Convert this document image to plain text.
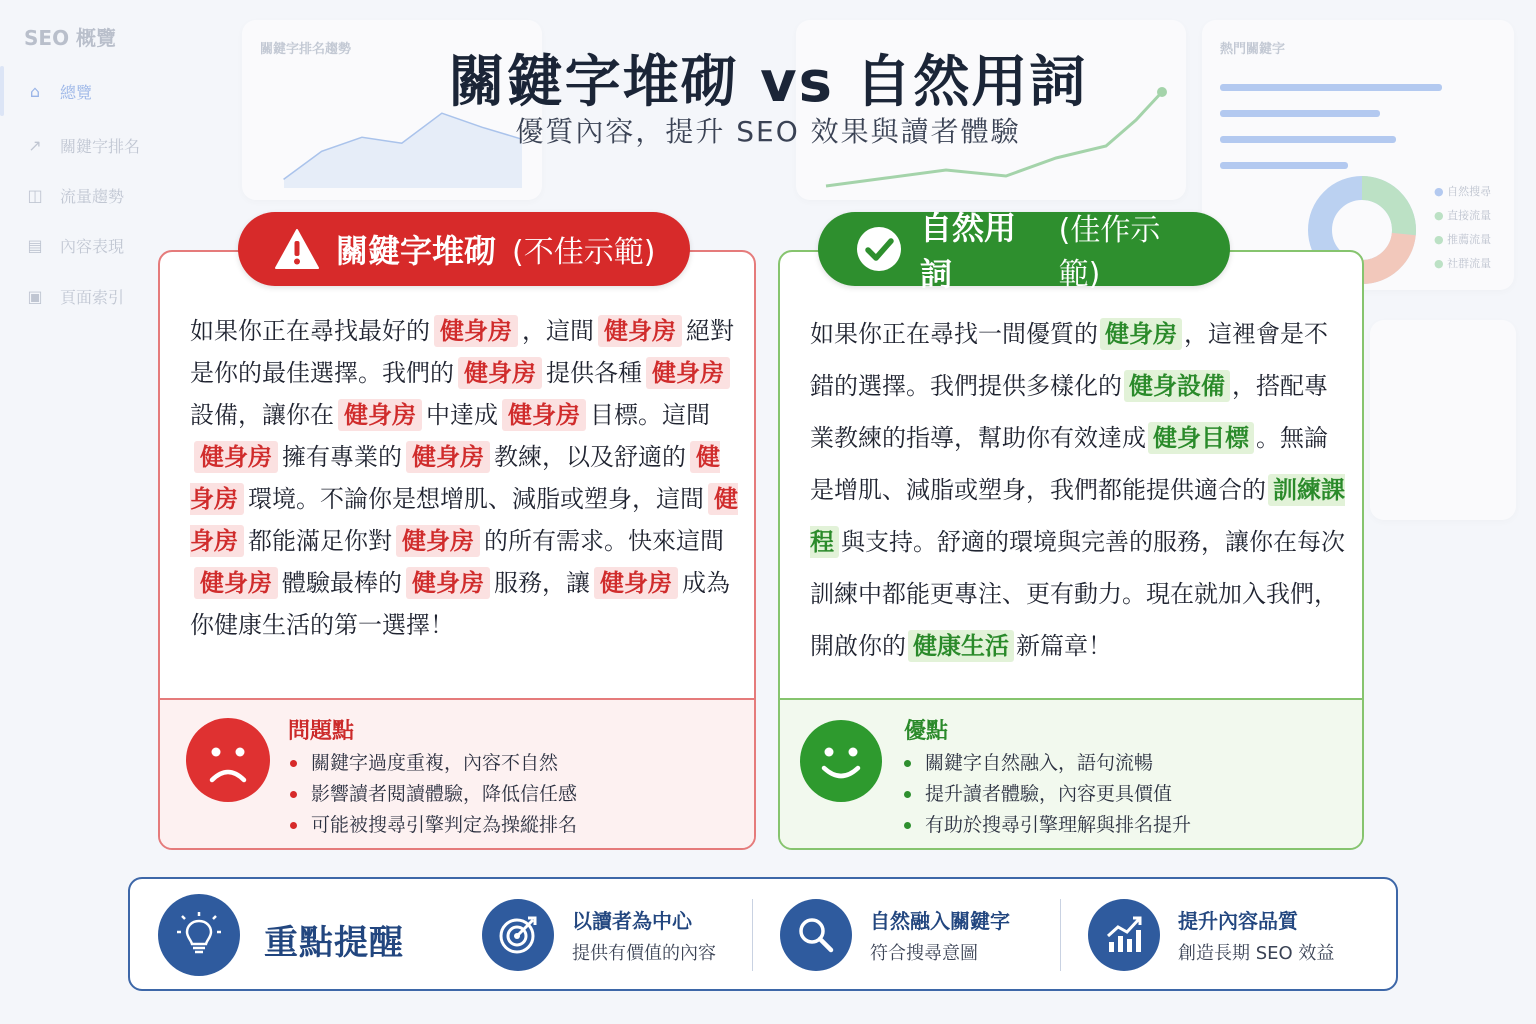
SEO 概覽
⌂	總覽
↗ 關鍵字排名
◫ 流量趨勢
▤ 內容表現
▣ 頁面索引
關鍵字排名趨勢	熱門關鍵字
● 自然搜尋
● 直接流量
● 推薦流量
● 社群流量
關鍵字堆砌 vs 自然用詞
優質內容，提升 SEO 效果與讀者體驗
如果你正在尋找最好的 健身房 ，這間 健身房 絕對是你的最佳選擇。我們的 健身房 提供各種 健身房設備，讓你在 健身房 中達成 健身房 目標。這間健身房 擁有專業的 健身房 教練，以及舒適的 健身房 環境。不論你是想增肌、減脂或塑身，這間 健身房 都能滿足你對 健身房 的所有需求。快來這間健身房 體驗最棒的 健身房 服務，讓 健身房 成為你健康生活的第一選擇！
問題點
關鍵字過度重複，內容不自然
影響讀者閱讀體驗，降低信任感
可能被搜尋引擎判定為操縱排名
關鍵字堆砌 (不佳示範)
如果你正在尋找一間優質的 健身房 ，這裡會是不錯的選擇。我們提供多樣化的 健身設備 ，搭配專業教練的指導，幫助你有效達成 健身目標 。無論是增肌、減脂或塑身，我們都能提供適合的 訓練課程 與支持。舒適的環境與完善的服務，讓你在每次訓練中都能更專注、更有動力。現在就加入我們，開啟你的 健康生活 新篇章！
優點
關鍵字自然融入，語句流暢
提升讀者體驗，內容更具價值
有助於搜尋引擎理解與排名提升
自然用詞
(佳作示範)
重點提醒
以讀者為中心
提供有價值的內容
自然融入關鍵字
符合搜尋意圖
提升內容品質
創造長期 SEO 效益
